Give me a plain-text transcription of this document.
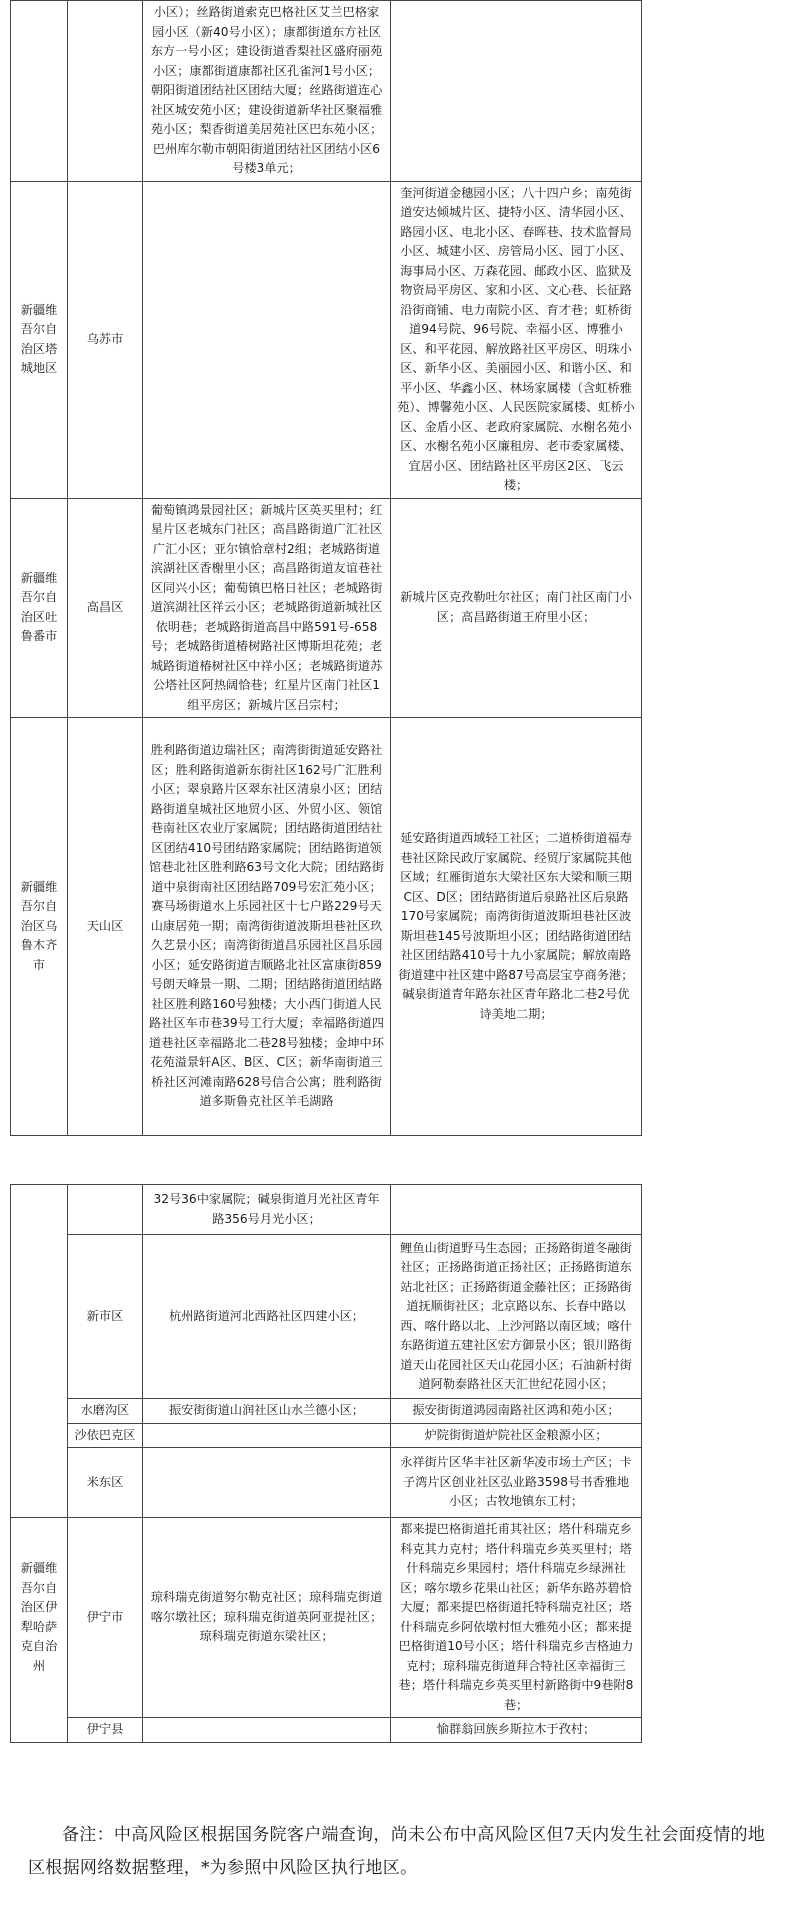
		小区）；丝路街道索克巴格社区艾兰巴格家园小区（新40号小区）；康都街道东方社区东方一号小区；建设街道香梨社区盛府丽苑小区；康都街道康都社区孔雀河1号小区；朝阳街道团结社区团结大厦；丝路街道连心社区城安苑小区；建设街道新华社区聚福雅苑小区；梨香街道美居苑社区巴东苑小区；巴州库尔勒市朝阳街道团结社区团结小区6号楼3单元；	
新疆维吾尔自治区塔城地区	乌苏市		奎河街道金穗园小区；八十四户乡；南苑街道安达倾城片区、捷特小区、清华园小区、路园小区、电北小区、春晖巷、技术监督局小区、城建小区、房管局小区、园丁小区、海事局小区、万森花园、邮政小区、监狱及物资局平房区、家和小区、文心巷、长征路沿街商铺、电力南院小区、育才巷；虹桥街道94号院、96号院、幸福小区、博雅小区、和平花园、解放路社区平房区、明珠小区、新华小区、美丽园小区、和谐小区、和平小区、华鑫小区、林场家属楼（含虹桥雅苑）、博馨苑小区、人民医院家属楼、虹桥小区、金盾小区、老政府家属院、水榭名苑小区、水榭名苑小区廉租房、老市委家属楼、宜居小区、团结路社区平房区2区、飞云楼；
新疆维吾尔自治区吐鲁番市	高昌区	葡萄镇鸿景园社区；新城片区英买里村；红星片区老城东门社区；高昌路街道广汇社区广汇小区；亚尔镇恰章村2组；老城路街道滨湖社区香榭里小区；高昌路街道友谊巷社区同兴小区；葡萄镇巴格日社区；老城路街道滨湖社区祥云小区；老城路街道新城社区依明巷；老城路街道高昌中路591号-658号；老城路街道椿树路社区博斯坦花苑；老城路街道椿树社区中祥小区；老城路街道苏公塔社区阿热阔恰巷；红星片区南门社区1组平房区；新城片区吕宗村；	新城片区克孜勒吐尔社区；南门社区南门小区；高昌路街道王府里小区；
新疆维吾尔自治区乌鲁木齐市	天山区	胜利路街道边瑞社区；南湾街街道延安路社区；胜利路街道新东街社区162号广汇胜利小区；翠泉路片区翠东社区清泉小区；团结路街道皇城社区地贸小区、外贸小区、领馆巷南社区农业厅家属院；团结路街道团结社区团结410号团结路家属院；团结路街道领馆巷北社区胜利路63号文化大院；团结路街道中泉街南社区团结路709号宏汇苑小区；赛马场街道水上乐园社区十七户路229号天山康居苑一期；南湾街街道波斯坦巷社区玖久艺景小区；南湾街街道昌乐园社区昌乐园小区；延安路街道吉顺路北社区富康街859号朗天峰景一期、二期；团结路街道团结路社区胜利路160号独楼；大小西门街道人民路社区车市巷39号工行大厦；幸福路街道四道巷社区幸福路北二巷28号独楼；金坤中环花苑溢景轩A区、B区、C区；新华南街道三桥社区河滩南路628号信合公寓；胜利路街道多斯鲁克社区羊毛湖路	延安路街道西域轻工社区；二道桥街道福寿巷社区除民政厅家属院、经贸厅家属院其他区域；红雁街道东大梁社区东大梁和顺三期C区、D区；团结路街道后泉路社区后泉路170号家属院；南湾街街道波斯坦巷社区波斯坦巷145号波斯坦小区；团结路街道团结社区团结路410号十九小家属院；解放南路街道建中社区建中路87号高层宝亨商务港；碱泉街道青年路东社区青年路北二巷2号优诗美地二期；
		32号36中家属院；碱泉街道月光社区青年路356号月光小区；	
	新市区	杭州路街道河北西路社区四建小区；	鲤鱼山街道野马生态园；正扬路街道冬融街社区；正扬路街道正扬社区；正扬路街道东站北社区；正扬路街道金藤社区；正扬路街道抚顺街社区；北京路以东、长春中路以西、喀什路以北、上沙河路以南区域；喀什东路街道五建社区宏方御景小区；银川路街道天山花园社区天山花园小区；石油新村街道阿勒泰路社区天汇世纪花园小区；
	水磨沟区	振安街街道山润社区山水兰德小区；	振安街街道鸿园南路社区鸿和苑小区；
	沙依巴克区		炉院街街道炉院社区金粮源小区；
	米东区		永祥街片区华丰社区新华凌市场土产区；卡子湾片区创业社区弘业路3598号书香雅地小区；古牧地镇东工村；
新疆维吾尔自治区伊犁哈萨克自治州	伊宁市	琼科瑞克街道努尔勒克社区；琼科瑞克街道喀尔墩社区；琼科瑞克街道英阿亚提社区；琼科瑞克街道东梁社区；	都来提巴格街道托甫其社区；塔什科瑞克乡科克其力克村；塔什科瑞克乡英买里村；塔什科瑞克乡果园村；塔什科瑞克乡绿洲社区；喀尔墩乡花果山社区；新华东路苏碧恰大厦；都来提巴格街道托特科瑞克社区；塔什科瑞克乡阿依墩村恒大雅苑小区；都来提巴格街道10号小区；塔什科瑞克乡吉格迪力克村；琼科瑞克街道拜合特社区幸福街三巷；塔什科瑞克乡英买里村新路街中9巷附8巷；
	伊宁县		愉群翁回族乡斯拉木于孜村；

备注：中高风险区根据国务院客户端查询，尚未公布中高风险区但7天内发生社会面疫情的地区根据网络数据整理，*为参照中风险区执行地区。
